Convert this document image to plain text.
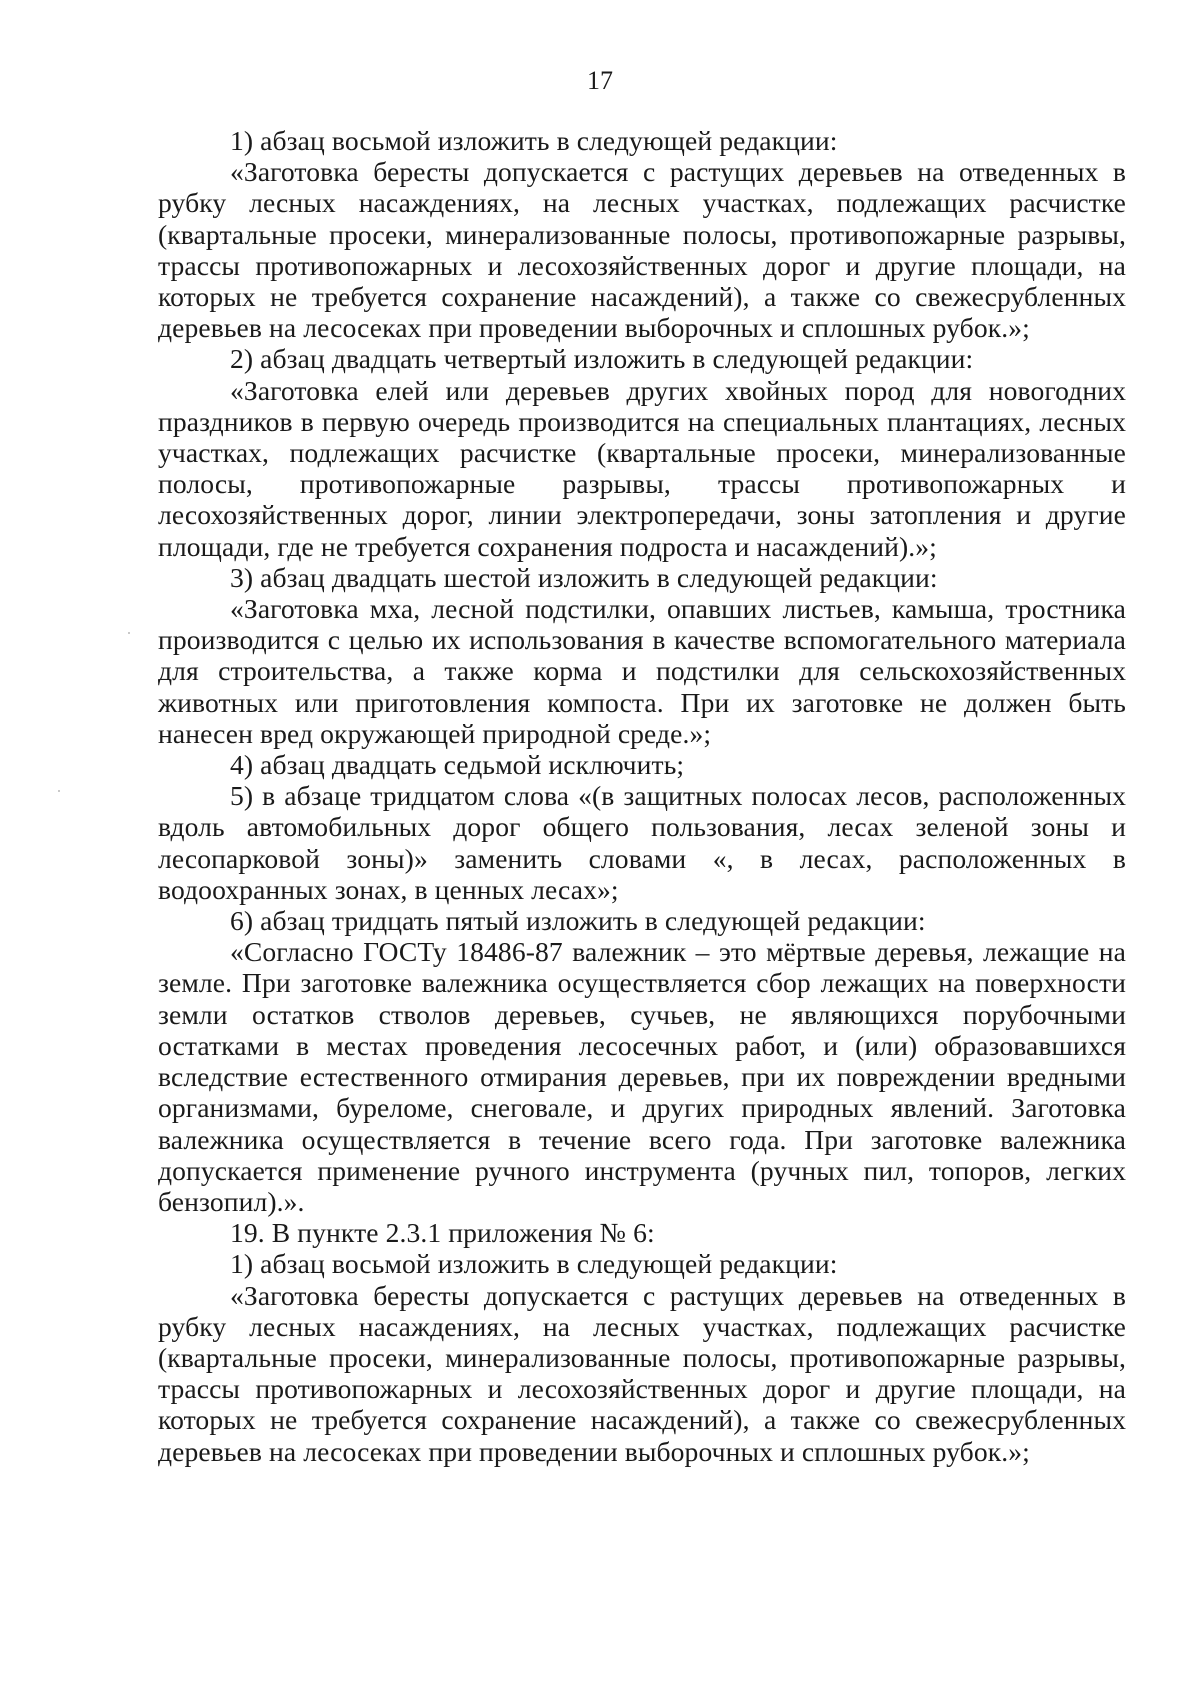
17

1) абзац восьмой изложить в следующей редакции:

«Заготовка бересты допускается с растущих деревьев на отведенных в рубку лесных насаждениях, на лесных участках, подлежащих расчистке (квартальные просеки, минерализованные полосы, противопожарные разрывы, трассы противопожарных и лесохозяйственных дорог и другие площади, на которых не требуется сохранение насаждений), а также со свежесрубленных деревьев на лесосеках при проведении выборочных и сплошных рубок.»;

2) абзац двадцать четвертый изложить в следующей редакции:

«Заготовка елей или деревьев других хвойных пород для новогодних праздников в первую очередь производится на специальных плантациях, лесных участках, подлежащих расчистке (квартальные просеки, минерализованные полосы, противопожарные разрывы, трассы противопожарных и лесохозяйственных дорог, линии электропередачи, зоны затопления и другие площади, где не требуется сохранения подроста и насаждений).»;

3) абзац двадцать шестой изложить в следующей редакции:

«Заготовка мха, лесной подстилки, опавших листьев, камыша, тростника производится с целью их использования в качестве вспомогательного материала для строительства, а также корма и подстилки для сельскохозяйственных животных или приготовления компоста. При их заготовке не должен быть нанесен вред окружающей природной среде.»;

4) абзац двадцать седьмой исключить;

5) в абзаце тридцатом слова «(в защитных полосах лесов, расположенных вдоль автомобильных дорог общего пользования, лесах зеленой зоны и лесопарковой зоны)» заменить словами «, в лесах, расположенных в водоохранных зонах, в ценных лесах»;

6) абзац тридцать пятый изложить в следующей редакции:

«Согласно ГОСТу 18486-87 валежник – это мёртвые деревья, лежащие на земле. При заготовке валежника осуществляется сбор лежащих на поверхности земли остатков стволов деревьев, сучьев, не являющихся порубочными остатками в местах проведения лесосечных работ, и (или) образовавшихся вследствие естественного отмирания деревьев, при их повреждении вредными организмами, буреломе, снеговале, и других природных явлений. Заготовка валежника осуществляется в течение всего года. При заготовке валежника допускается применение ручного инструмента (ручных пил, топоров, легких бензопил).».

19. В пункте 2.3.1 приложения № 6:

1) абзац восьмой изложить в следующей редакции:

«Заготовка бересты допускается с растущих деревьев на отведенных в рубку лесных насаждениях, на лесных участках, подлежащих расчистке (квартальные просеки, минерализованные полосы, противопожарные разрывы, трассы противопожарных и лесохозяйственных дорог и другие площади, на которых не требуется сохранение насаждений), а также со свежесрубленных деревьев на лесосеках при проведении выборочных и сплошных рубок.»;
